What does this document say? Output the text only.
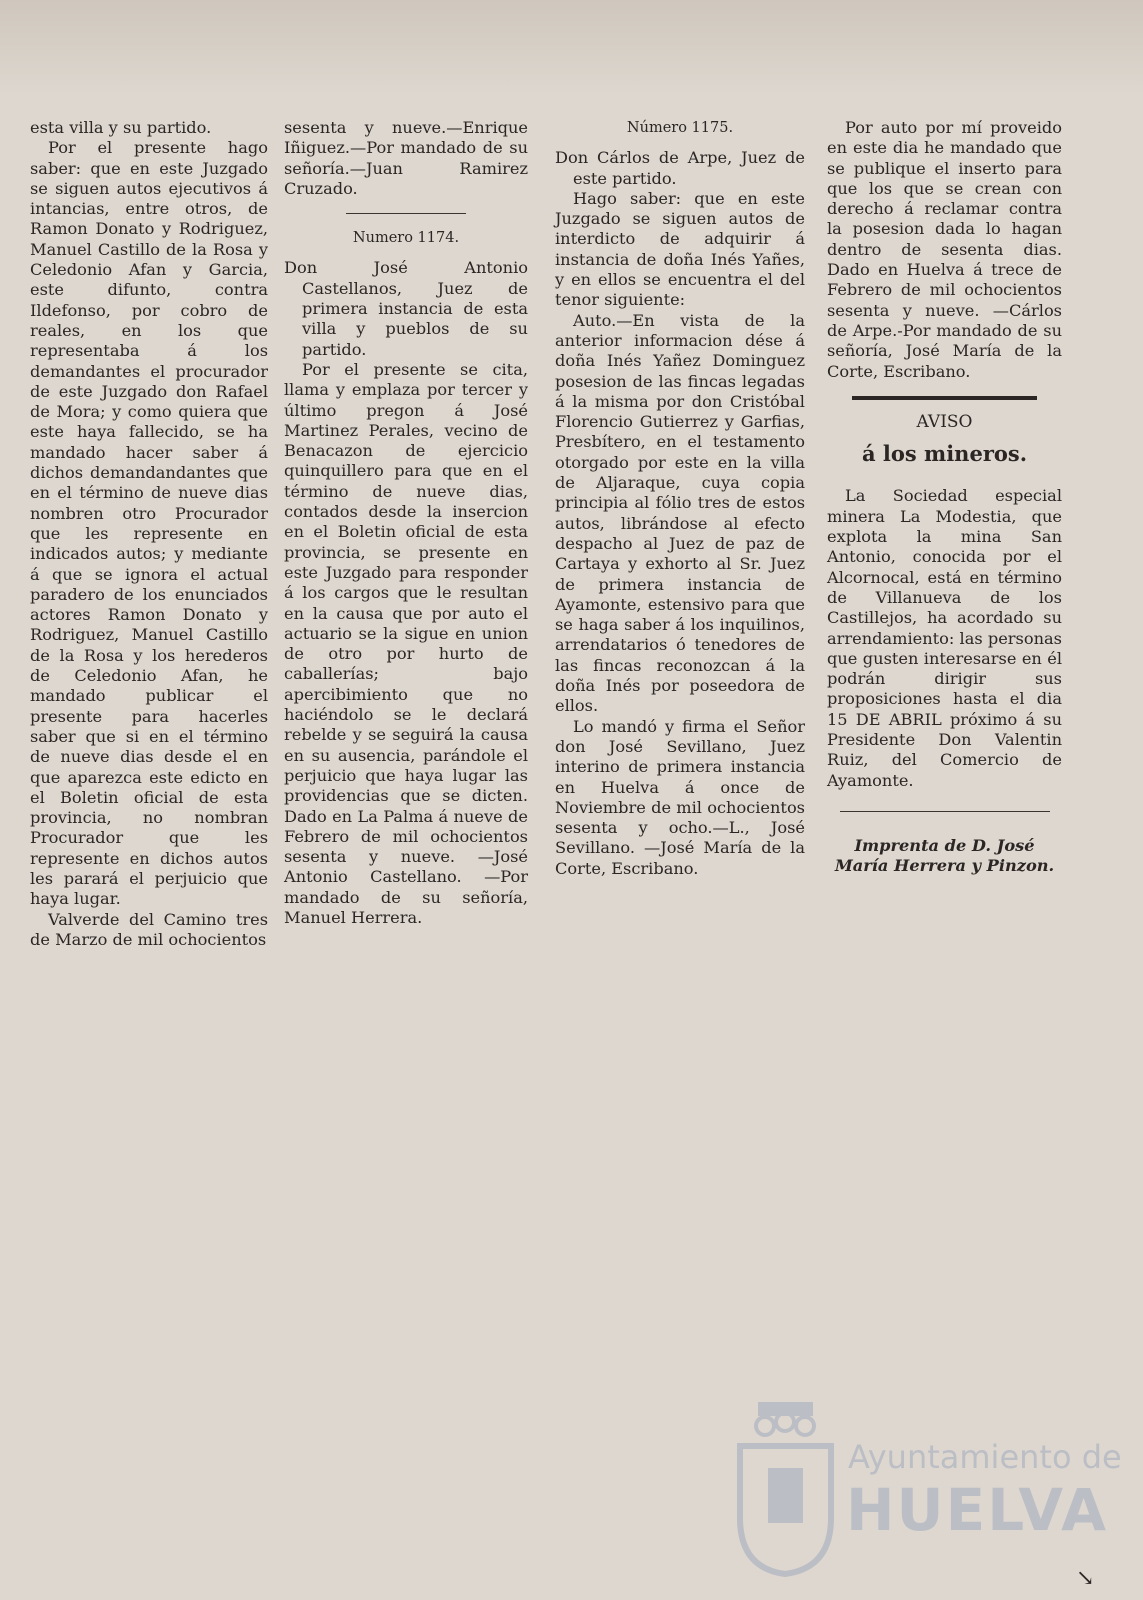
esta villa y su partido.

Por el presente hago saber: que en este Juzgado se siguen autos ejecutivos á intancias, entre otros, de Ramon Donato y Rodriguez, Manuel Castillo de la Rosa y Celedonio Afan y Garcia, este difunto, contra Ildefonso, por cobro de reales, en los que representaba á los demandantes el procurador de este Juzgado don Rafael de Mora; y como quiera que este haya fallecido, se ha mandado hacer saber á dichos demandandantes que en el término de nueve dias nombren otro Procurador que les represente en indicados autos; y mediante á que se ignora el actual paradero de los enunciados actores Ramon Donato y Rodriguez, Manuel Castillo de la Rosa y los herederos de Celedonio Afan, he mandado publicar el presente para hacerles saber que si en el término de nueve dias desde el en que aparezca este edicto en el Boletin oficial de esta provincia, no nombran Procurador que les represente en dichos autos les parará el perjuicio que haya lugar.

Valverde del Camino tres de Marzo de mil ochocientos

sesenta y nueve.—Enrique Iñiguez.—Por mandado de su señoría.—Juan Ramirez Cruzado.

Numero 1174.

Don José Antonio Castellanos, Juez de primera instancia de esta villa y pueblos de su partido.

Por el presente se cita, llama y emplaza por tercer y último pregon á José Martinez Perales, vecino de Benacazon de ejercicio quinquillero para que en el término de nueve dias, contados desde la insercion en el Boletin oficial de esta provincia, se presente en este Juzgado para responder á los cargos que le resultan en la causa que por auto el actuario se la sigue en union de otro por hurto de caballerías; bajo apercibimiento que no haciéndolo se le declará rebelde y se seguirá la causa en su ausencia, parándole el perjuicio que haya lugar las providencias que se dicten. Dado en La Palma á nueve de Febrero de mil ochocientos sesenta y nueve. —José Antonio Castellano. —Por mandado de su señoría, Manuel Herrera.

Número 1175.

Don Cárlos de Arpe, Juez de este partido.

Hago saber: que en este Juzgado se siguen autos de interdicto de adquirir á instancia de doña Inés Yañes, y en ellos se encuentra el del tenor siguiente:

Auto.—En vista de la anterior informacion dése á doña Inés Yañez Dominguez posesion de las fincas legadas á la misma por don Cristóbal Florencio Gutierrez y Garfias, Presbítero, en el testamento otorgado por este en la villa de Aljaraque, cuya copia principia al fólio tres de estos autos, librándose al efecto despacho al Juez de paz de Cartaya y exhorto al Sr. Juez de primera instancia de Ayamonte, estensivo para que se haga saber á los inquilinos, arrendatarios ó tenedores de las fincas reconozcan á la doña Inés por poseedora de ellos.

Lo mandó y firma el Señor don José Sevillano, Juez interino de primera instancia en Huelva á once de Noviembre de mil ochocientos sesenta y ocho.—L., José Sevillano. —José María de la Corte, Escribano.

Por auto por mí proveido en este dia he mandado que se publique el inserto para que los que se crean con derecho á reclamar contra la posesion dada lo hagan dentro de sesenta dias. Dado en Huelva á trece de Febrero de mil ochocientos sesenta y nueve. —Cárlos de Arpe.-Por mandado de su señoría, José María de la Corte, Escribano.

AVISO

á los mineros.

La Sociedad especial minera La Modestia, que explota la mina San Antonio, conocida por el Alcornocal, está en término de Villanueva de los Castillejos, ha acordado su arrendamiento: las personas que gusten interesarse en él podrán dirigir sus proposiciones hasta el dia 15 DE ABRIL próximo á su Presidente Don Valentin Ruiz, del Comercio de Ayamonte.

Imprenta de D. José María Herrera y Pinzon.

Ayuntamiento de
HUELVA
↘
